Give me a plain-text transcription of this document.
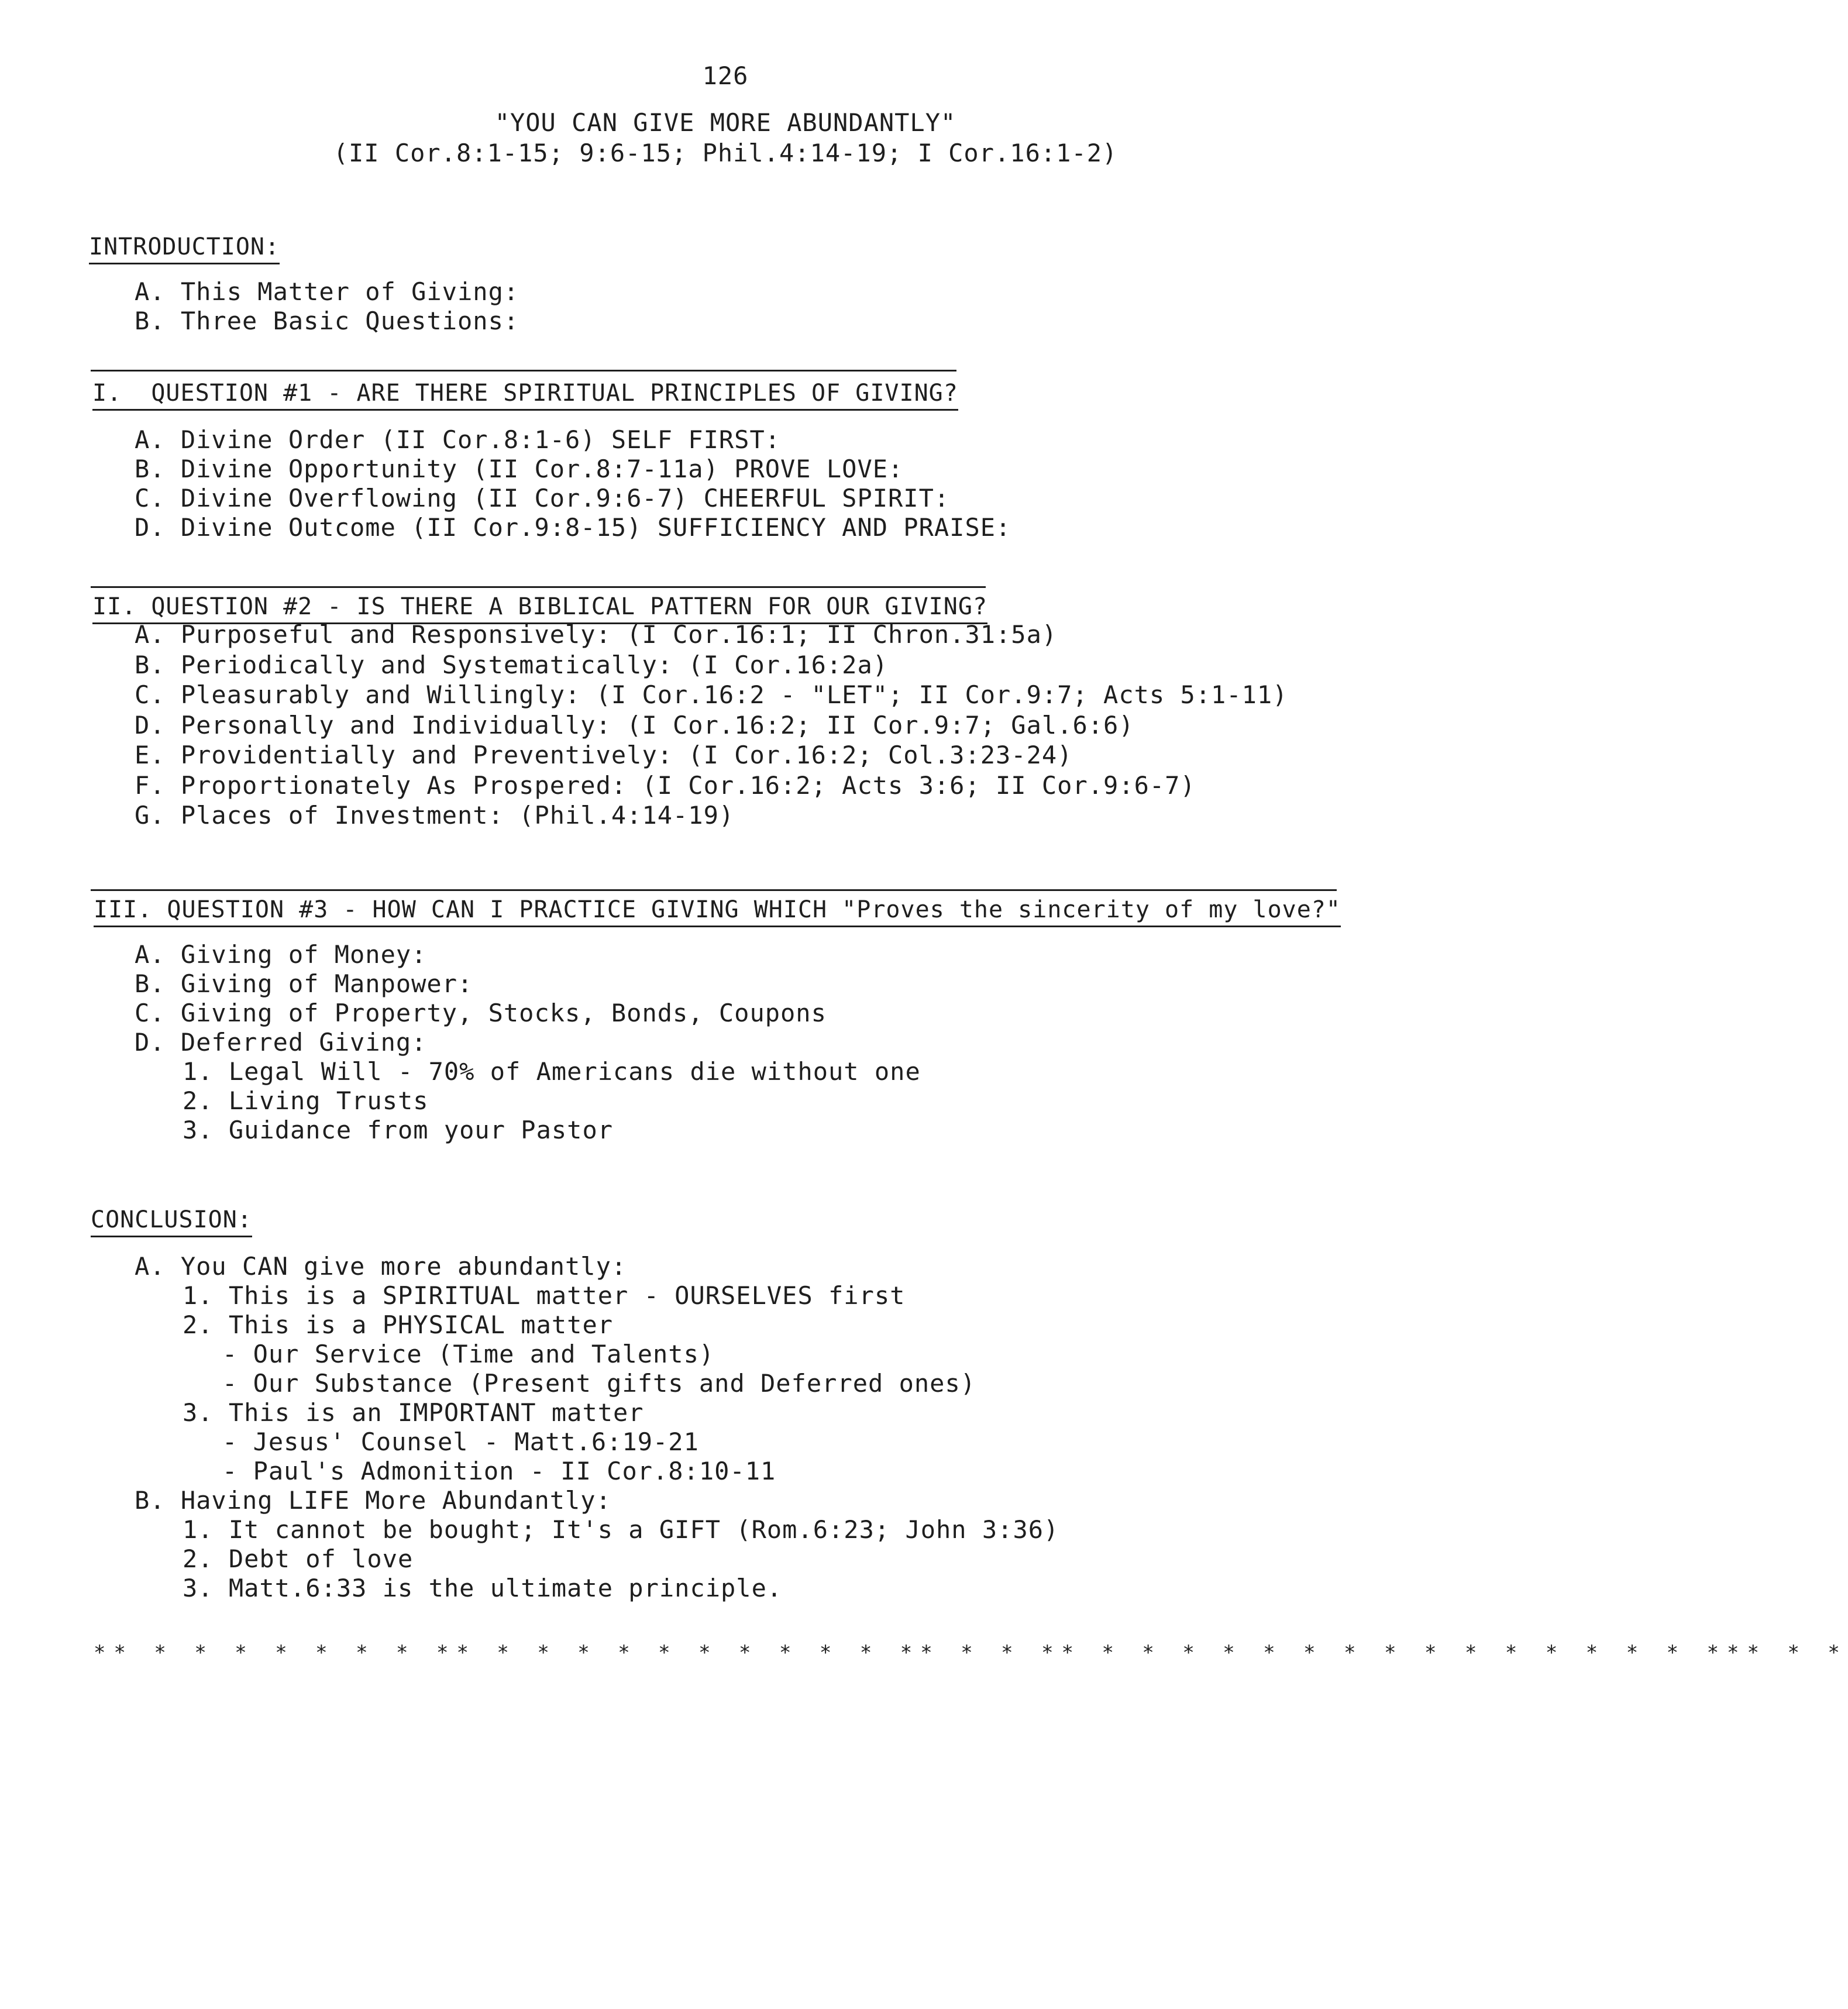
126
"YOU CAN GIVE MORE ABUNDANTLY"
(II Cor.8:1-15; 9:6-15; Phil.4:14-19; I Cor.16:1-2)
INTRODUCTION:
A. This Matter of Giving:
B. Three Basic Questions:
I.  QUESTION #1 - ARE THERE SPIRITUAL PRINCIPLES OF GIVING?
A. Divine Order (II Cor.8:1-6) SELF FIRST:
B. Divine Opportunity (II Cor.8:7-11a) PROVE LOVE:
C. Divine Overflowing (II Cor.9:6-7) CHEERFUL SPIRIT:
D. Divine Outcome (II Cor.9:8-15) SUFFICIENCY AND PRAISE:
II. QUESTION #2 - IS THERE A BIBLICAL PATTERN FOR OUR GIVING?
A. Purposeful and Responsively: (I Cor.16:1; II Chron.31:5a)
B. Periodically and Systematically: (I Cor.16:2a)
C. Pleasurably and Willingly: (I Cor.16:2 - "LET"; II Cor.9:7; Acts 5:1-11)
D. Personally and Individually: (I Cor.16:2; II Cor.9:7; Gal.6:6)
E. Providentially and Preventively: (I Cor.16:2; Col.3:23-24)
F. Proportionately As Prospered: (I Cor.16:2; Acts 3:6; II Cor.9:6-7)
G. Places of Investment: (Phil.4:14-19)
III. QUESTION #3 - HOW CAN I PRACTICE GIVING WHICH "Proves the sincerity of my love?"
A. Giving of Money:
B. Giving of Manpower:
C. Giving of Property, Stocks, Bonds, Coupons
D. Deferred Giving:
1. Legal Will - 70% of Americans die without one
2. Living Trusts
3. Guidance from your Pastor
CONCLUSION:
A. You CAN give more abundantly:
1. This is a SPIRITUAL matter - OURSELVES first
2. This is a PHYSICAL matter
- Our Service (Time and Talents)
- Our Substance (Present gifts and Deferred ones)
3. This is an IMPORTANT matter
- Jesus' Counsel - Matt.6:19-21
- Paul's Admonition - II Cor.8:10-11
B. Having LIFE More Abundantly:
1. It cannot be bought; It's a GIFT (Rom.6:23; John 3:36)
2. Debt of love
3. Matt.6:33 is the ultimate principle.
** * * * * * * * ** * * * * * * * * * * ** * * ** * * * * * * * * * * * * * * * *** * *
